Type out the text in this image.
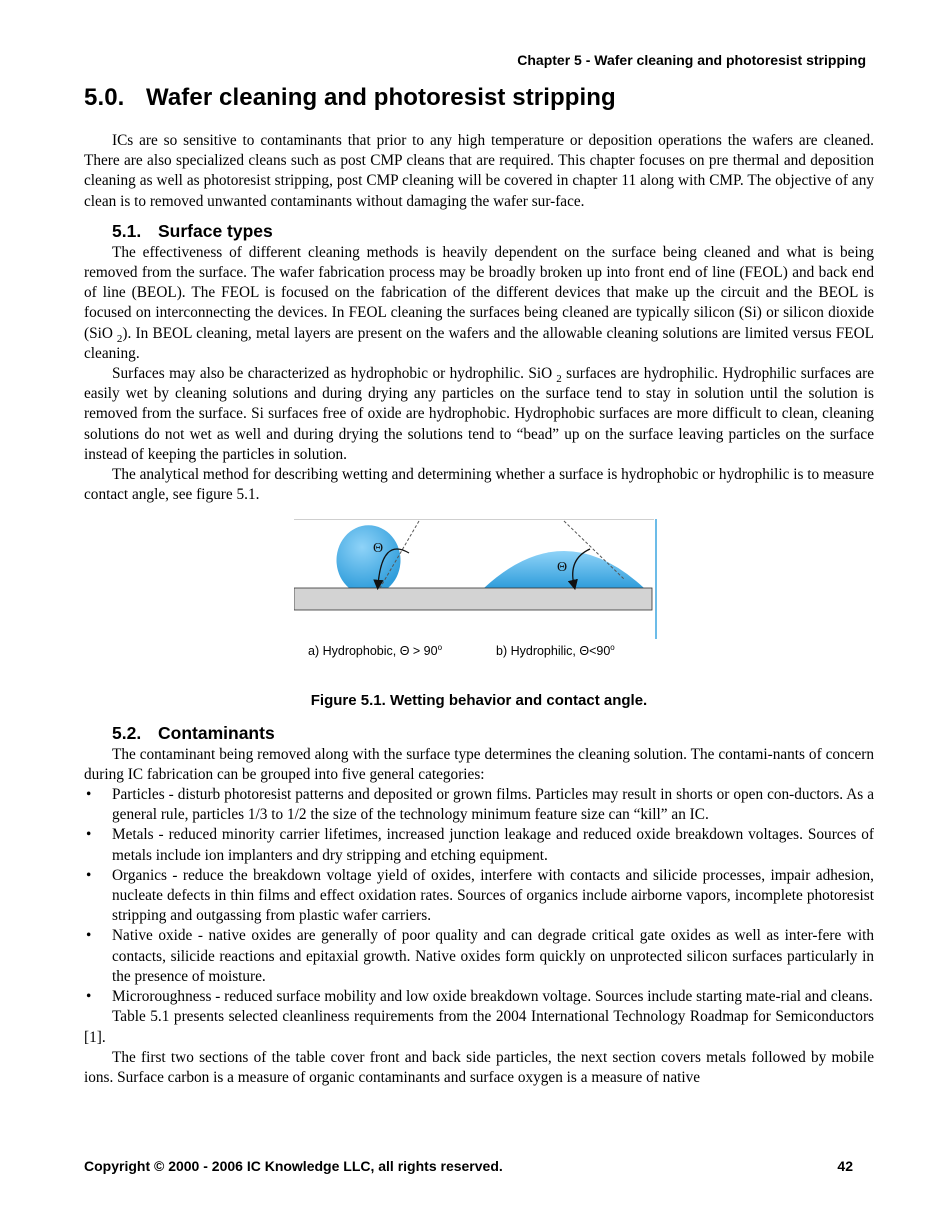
Chapter 5 - Wafer cleaning and photoresist stripping
5.0. Wafer cleaning and photoresist stripping

ICs are so sensitive to contaminants that prior to any high temperature or deposition operations the wafers are cleaned. There are also specialized cleans such as post CMP cleans that are required. This chapter focuses on pre thermal and deposition cleaning as well as photoresist stripping, post CMP cleaning will be covered in chapter 11 along with CMP. The objective of any clean is to removed unwanted contaminants without damaging the wafer sur-face.

5.1. Surface types

The effectiveness of different cleaning methods is heavily dependent on the surface being cleaned and what is being removed from the surface. The wafer fabrication process may be broadly broken up into front end of line (FEOL) and back end of line (BEOL). The FEOL is focused on the fabrication of the different devices that make up the circuit and the BEOL is focused on interconnecting the devices. In FEOL cleaning the surfaces being cleaned are typically silicon (Si) or silicon dioxide (SiO $_2$). In BEOL cleaning, metal layers are present on the wafers and the allowable cleaning solutions are limited versus FEOL cleaning.

Surfaces may also be characterized as hydrophobic or hydrophilic. SiO $_2$ surfaces are hydrophilic. Hydrophilic surfaces are easily wet by cleaning solutions and during drying any particles on the surface tend to stay in solution until the solution is removed from the surface. Si surfaces free of oxide are hydrophobic. Hydrophobic surfaces are more difficult to clean, cleaning solutions do not wet as well and during drying the solutions tend to “bead” up on the surface leaving particles on the surface instead of keeping the particles in solution.

The analytical method for describing wetting and determining whether a surface is hydrophobic or hydrophilic is to measure contact angle, see figure 5.1.

Θ
Θ
a) Hydrophobic, $\Theta > 90^o$	b) Hydrophilic, $\Theta<90^o$
Figure 5.1. Wetting behavior and contact angle.
5.2. Contaminants

The contaminant being removed along with the surface type determines the cleaning solution. The contami-nants of concern during IC fabrication can be grouped into five general categories:

• Particles - disturb photoresist patterns and deposited or grown films. Particles may result in shorts or open con-ductors. As a general rule, particles 1/3 to 1/2 the size of the technology minimum feature size can “kill” an IC.
• Metals - reduced minority carrier lifetimes, increased junction leakage and reduced oxide breakdown voltages. Sources of metals include ion implanters and dry stripping and etching equipment.
• Organics - reduce the breakdown voltage yield of oxides, interfere with contacts and silicide processes, impair adhesion, nucleate defects in thin films and effect oxidation rates. Sources of organics include airborne vapors, incomplete photoresist stripping and outgassing from plastic wafer carriers.
• Native oxide - native oxides are generally of poor quality and can degrade critical gate oxides as well as inter-fere with contacts, silicide reactions and epitaxial growth. Native oxides form quickly on unprotected silicon surfaces particularly in the presence of moisture.
• Microroughness - reduced surface mobility and low oxide breakdown voltage. Sources include starting mate-rial and cleans.

Table 5.1 presents selected cleanliness requirements from the 2004 International Technology Roadmap for Semiconductors [1].

The first two sections of the table cover front and back side particles, the next section covers metals followed by mobile ions. Surface carbon is a measure of organic contaminants and surface oxygen is a measure of native

Copyright © 2000 - 2006 IC Knowledge LLC, all rights reserved.	42
